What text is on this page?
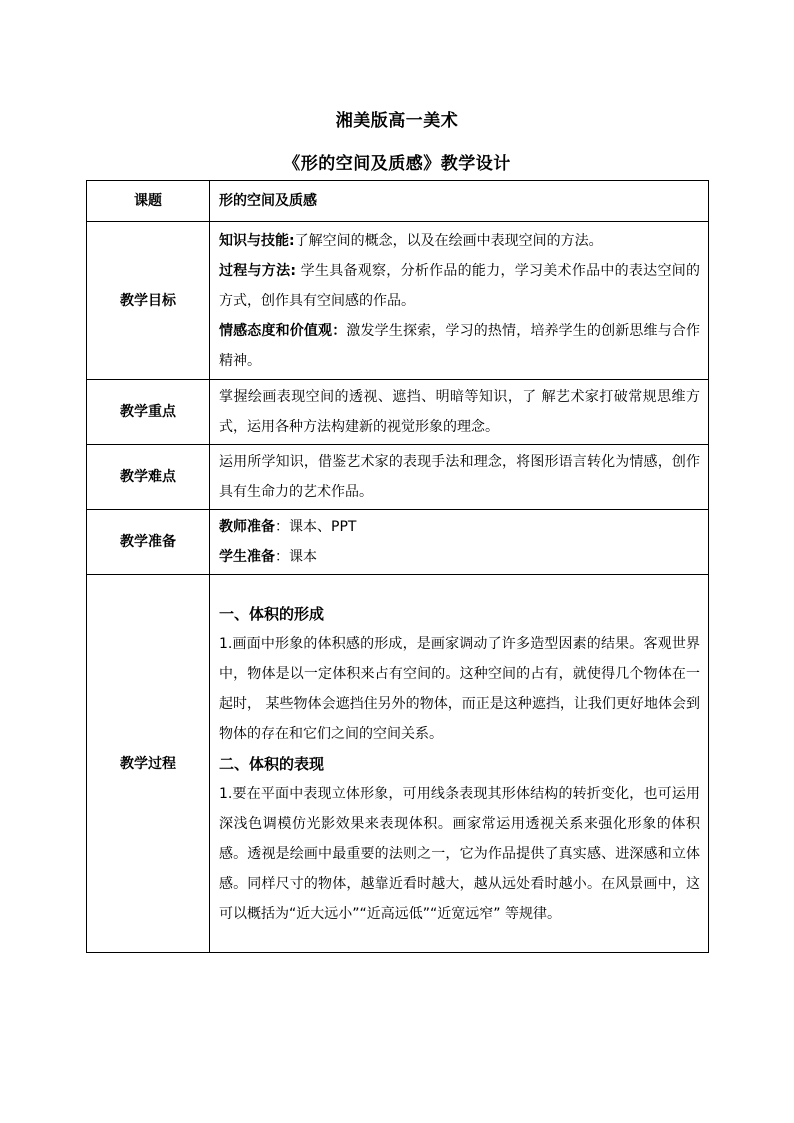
湘美版高一美术
《形的空间及质感》教学设计
课题	形的空间及质感
教学目标	知识与技能:了解空间的概念，以及在绘画中表现空间的方法。
过程与方法: 学生具备观察，分析作品的能力，学习美术作品中的表达空间的方式，创作具有空间感的作品。
情感态度和价值观：激发学生探索，学习的热情，培养学生的创新思维与合作精神。

教学重点	掌握绘画表现空间的透视、遮挡、明暗等知识，了 解艺术家打破常规思维方式，运用各种方法构建新的视觉形象的理念。
教学难点	运用所学知识，借鉴艺术家的表现手法和理念，将图形语言转化为情感，创作具有生命力的艺术作品。
教学准备	教师准备：课本、PPT
学生准备：课本

教学过程	一、体积的形成
1.画面中形象的体积感的形成，是画家调动了许多造型因素的结果。客观世界中，物体是以一定体积来占有空间的。这种空间的占有，就使得几个物体在一起时， 某些物体会遮挡住另外的物体，而正是这种遮挡，让我们更好地体会到物体的存在和它们之间的空间关系。
二、体积的表现
1.要在平面中表现立体形象，可用线条表现其形体结构的转折变化，也可运用深浅色调模仿光影效果来表现体积。画家常运用透视关系来强化形象的体积感。透视是绘画中最重要的法则之一，它为作品提供了真实感、进深感和立体感。同样尺寸的物体，越靠近看时越大，越从远处看时越小。在风景画中，这可以概括为“近大远小”“近高远低”“近宽远窄” 等规律。
